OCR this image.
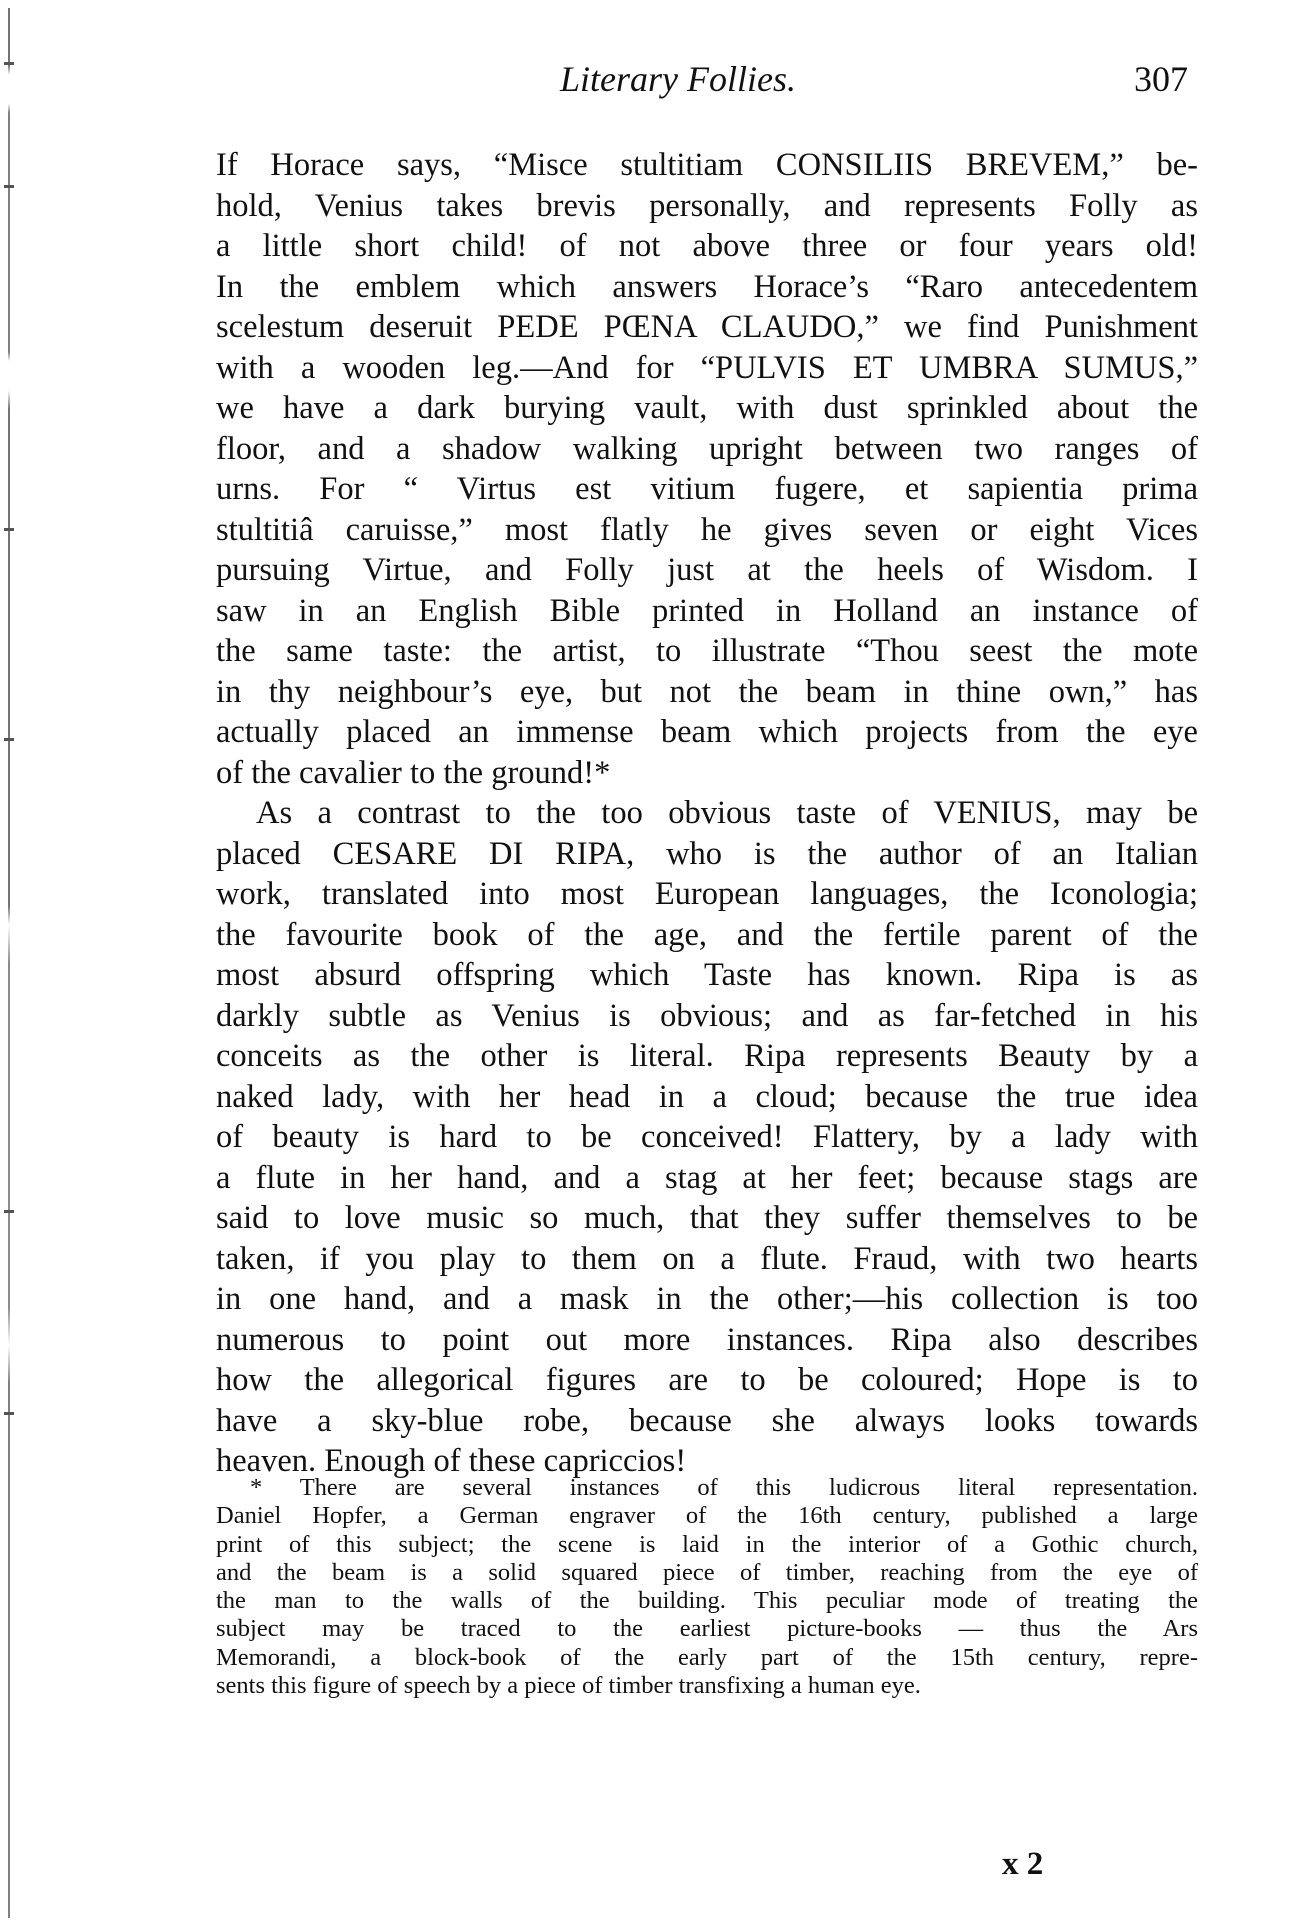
Literary Follies.	307
If Horace says, “Misce stultitiam CONSILIIS BREVEM,” be-
hold, Venius takes brevis personally, and represents Folly as
a little short child! of not above three or four years old!
In the emblem which answers Horace’s “Raro antecedentem
scelestum deseruit PEDE PŒNA CLAUDO,” we find Punishment
with a wooden leg.—And for “PULVIS ET UMBRA SUMUS,”
we have a dark burying vault, with dust sprinkled about the
floor, and a shadow walking upright between two ranges of
urns. For “ Virtus est vitium fugere, et sapientia prima
stultitiâ caruisse,” most flatly he gives seven or eight Vices
pursuing Virtue, and Folly just at the heels of Wisdom. I
saw in an English Bible printed in Holland an instance of
the same taste: the artist, to illustrate “Thou seest the mote
in thy neighbour’s eye, but not the beam in thine own,” has
actually placed an immense beam which projects from the eye
of the cavalier to the ground!*
As a contrast to the too obvious taste of VENIUS, may be
placed CESARE DI RIPA, who is the author of an Italian
work, translated into most European languages, the Iconologia;
the favourite book of the age, and the fertile parent of the
most absurd offspring which Taste has known. Ripa is as
darkly subtle as Venius is obvious; and as far-fetched in his
conceits as the other is literal. Ripa represents Beauty by a
naked lady, with her head in a cloud; because the true idea
of beauty is hard to be conceived! Flattery, by a lady with
a flute in her hand, and a stag at her feet; because stags are
said to love music so much, that they suffer themselves to be
taken, if you play to them on a flute. Fraud, with two hearts
in one hand, and a mask in the other;—his collection is too
numerous to point out more instances. Ripa also describes
how the allegorical figures are to be coloured; Hope is to
have a sky-blue robe, because she always looks towards
heaven. Enough of these capriccios!
* There are several instances of this ludicrous literal representation.
Daniel Hopfer, a German engraver of the 16th century, published a large
print of this subject; the scene is laid in the interior of a Gothic church,
and the beam is a solid squared piece of timber, reaching from the eye of
the man to the walls of the building. This peculiar mode of treating the
subject may be traced to the earliest picture-books — thus the Ars
Memorandi, a block-book of the early part of the 15th century, repre-
sents this figure of speech by a piece of timber transfixing a human eye.
x 2
